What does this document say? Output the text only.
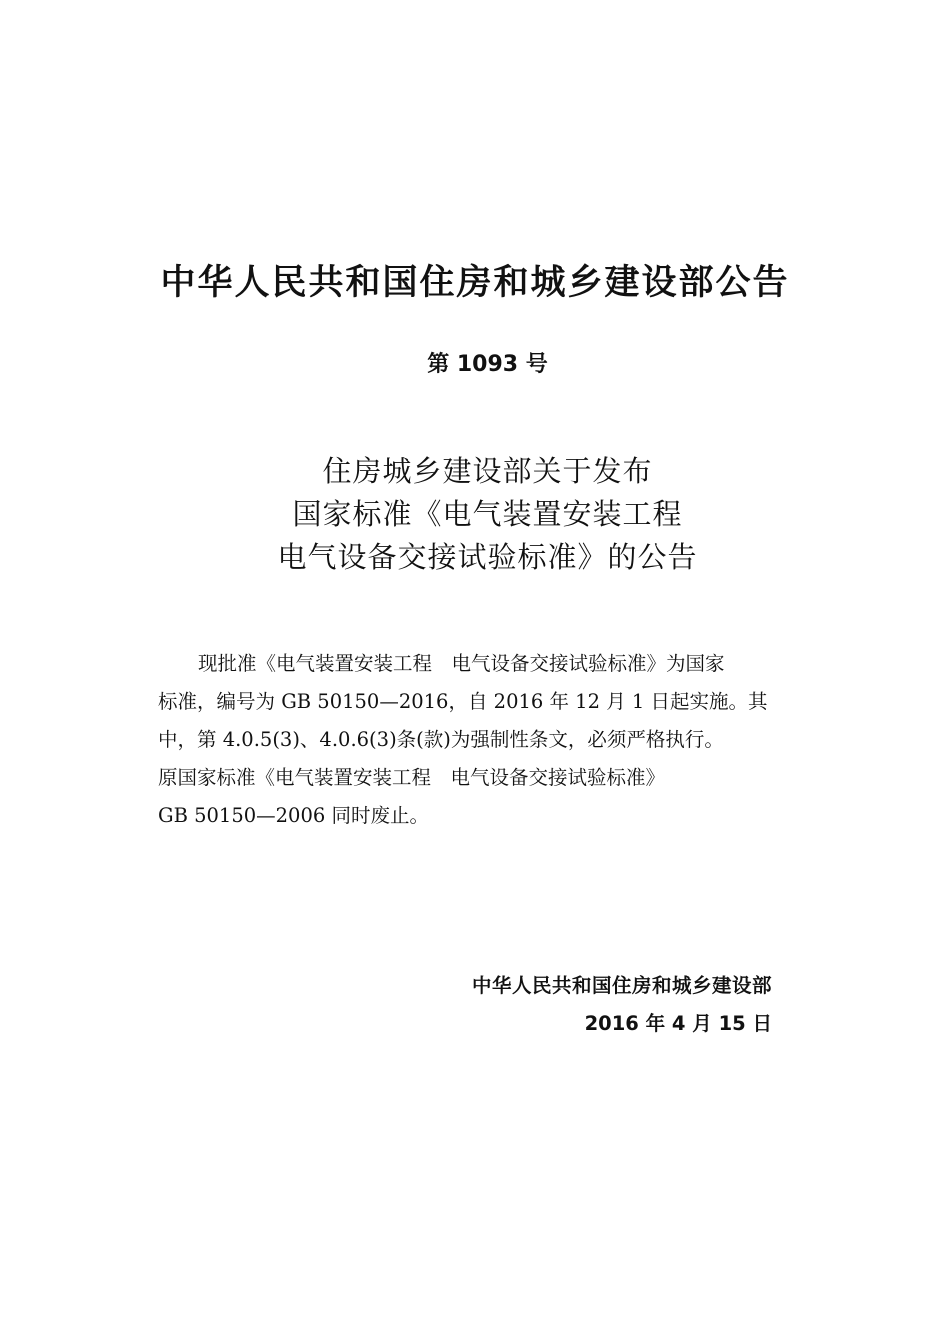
中华人民共和国住房和城乡建设部公告
第 1093 号
住房城乡建设部关于发布
国家标准《电气装置安装工程
电气设备交接试验标准》的公告
现批准《电气装置安装工程　电气设备交接试验标准》为国家
标准，编号为 GB 50150—2016，自 2016 年 12 月 1 日起实施。其
中，第 4.0.5(3)、4.0.6(3)条(款)为强制性条文，必须严格执行。
原国家标准《电气装置安装工程　电气设备交接试验标准》
GB 50150—2006 同时废止。
中华人民共和国住房和城乡建设部
2016 年 4 月 15 日
